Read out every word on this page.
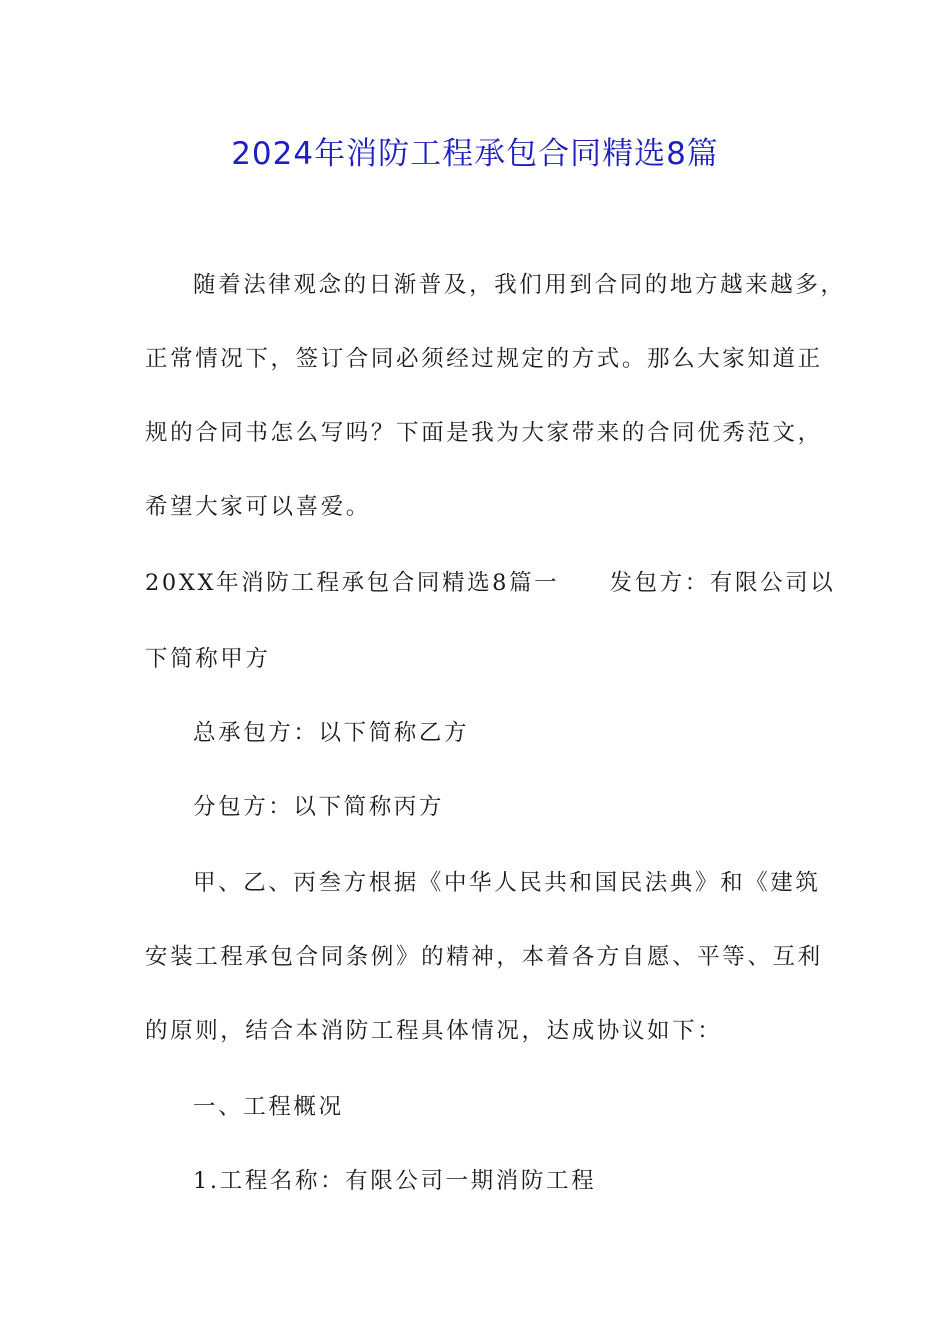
2024年消防工程承包合同精选8篇
随着法律观念的日渐普及，我们用到合同的地方越来越多，
正常情况下，签订合同必须经过规定的方式。那么大家知道正
规的合同书怎么写吗？下面是我为大家带来的合同优秀范文，
希望大家可以喜爱。
20XX年消防工程承包合同精选8篇一　　发包方：有限公司以
下简称甲方
总承包方：以下简称乙方
分包方：以下简称丙方
甲、乙、丙叁方根据《中华人民共和国民法典》和《建筑
安装工程承包合同条例》的精神，本着各方自愿、平等、互利
的原则，结合本消防工程具体情况，达成协议如下：
一、工程概况
1.工程名称：有限公司一期消防工程
